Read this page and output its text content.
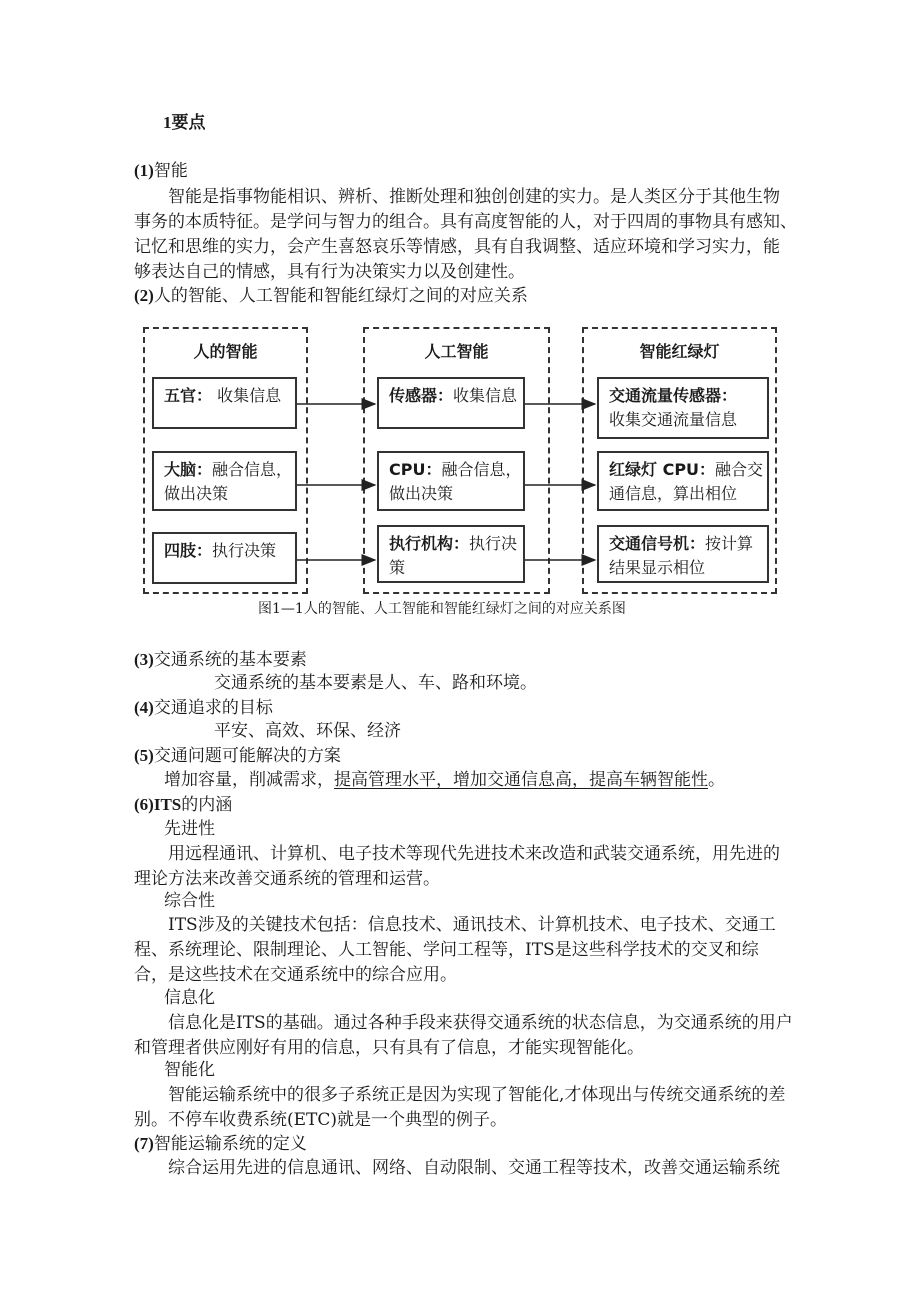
1要点
(1)智能
智能是指事物能相识、辨析、推断处理和独创创建的实力。是人类区分于其他生物
事务的本质特征。是学问与智力的组合。具有高度智能的人，对于四周的事物具有感知、
记忆和思维的实力，会产生喜怒哀乐等情感，具有自我调整、适应环境和学习实力，能
够表达自己的情感，具有行为决策实力以及创建性。
(2)人的智能、人工智能和智能红绿灯之间的对应关系
人的智能	人工智能	智能红绿灯
五官： 收集信息
大脑：融合信息，
做出决策
四肢：执行决策
传感器：收集信息
CPU：融合信息，
做出决策
执行机构：执行决
策
交通流量传感器：
收集交通流量信息
红绿灯 CPU：融合交
通信息，算出相位
交通信号机：按计算
结果显示相位
图1—1人的智能、人工智能和智能红绿灯之间的对应关系图
(3)交通系统的基本要素
交通系统的基本要素是人、车、路和环境。
(4)交通追求的目标
平安、高效、环保、经济
(5)交通问题可能解决的方案
增加容量，削减需求，提高管理水平，增加交通信息高，提高车辆智能性。
(6)ITS的内涵
先进性
用远程通讯、计算机、电子技术等现代先进技术来改造和武装交通系统，用先进的
理论方法来改善交通系统的管理和运营。
综合性
ITS涉及的关键技术包括：信息技术、通讯技术、计算机技术、电子技术、交通工
程、系统理论、限制理论、人工智能、学问工程等，ITS是这些科学技术的交叉和综
合，是这些技术在交通系统中的综合应用。
信息化
信息化是ITS的基础。通过各种手段来获得交通系统的状态信息，为交通系统的用户
和管理者供应刚好有用的信息，只有具有了信息，才能实现智能化。
智能化
智能运输系统中的很多子系统正是因为实现了智能化,才体现出与传统交通系统的差
别。不停车收费系统(ETC)就是一个典型的例子。
(7)智能运输系统的定义
综合运用先进的信息通讯、网络、自动限制、交通工程等技术，改善交通运输系统
